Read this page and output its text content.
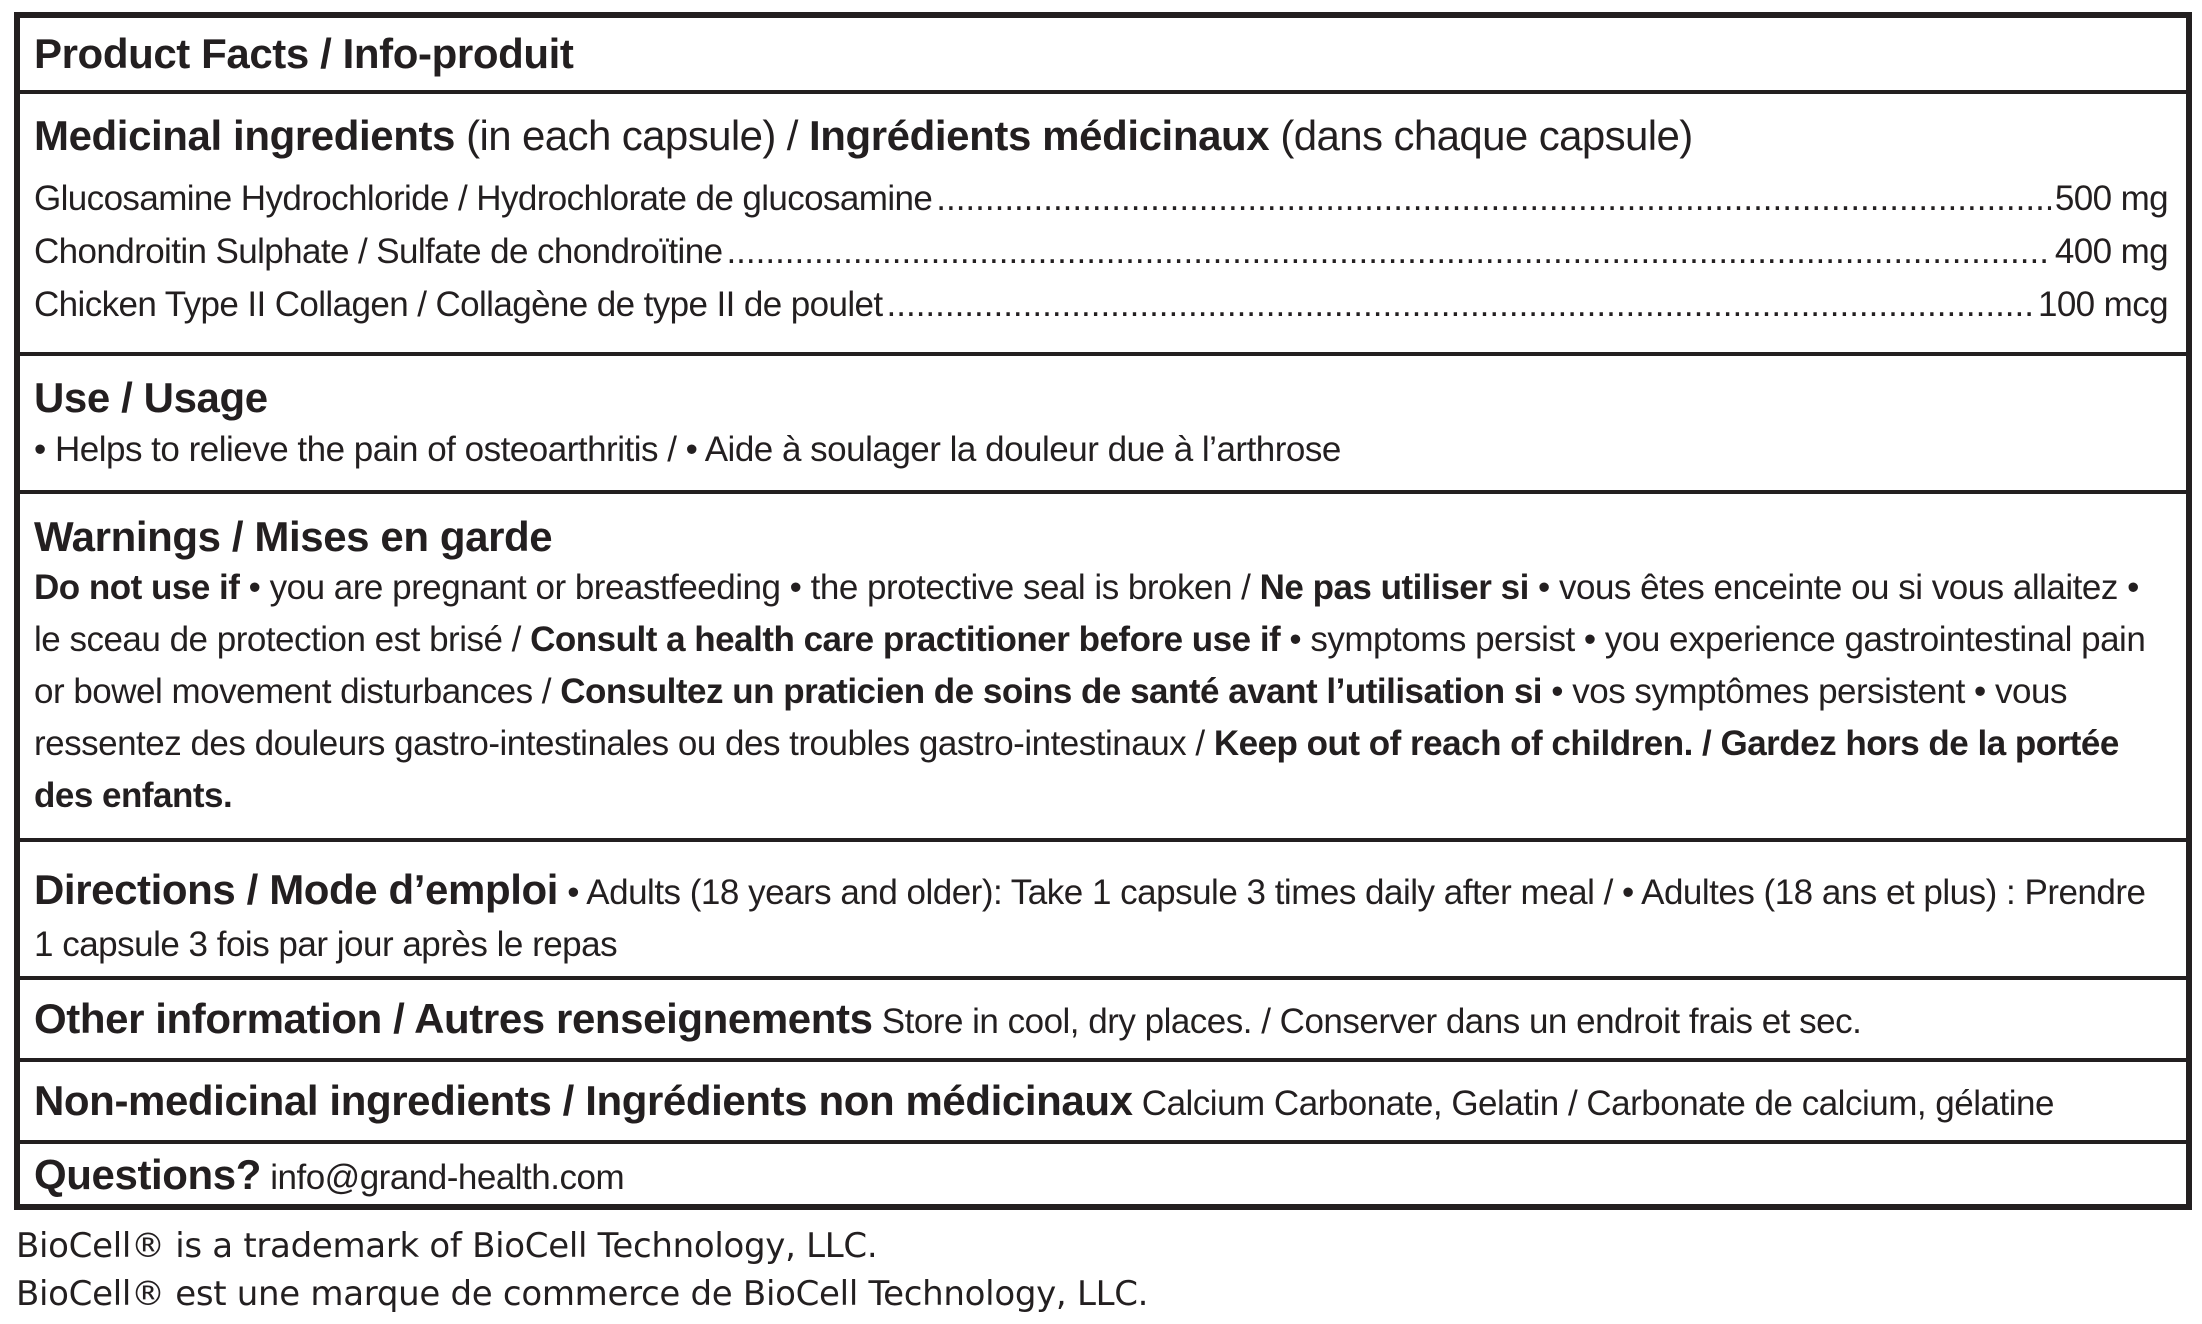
Product Facts / Info-produit
Medicinal ingredients (in each capsule) / Ingrédients médicinaux (dans chaque capsule)
Glucosamine Hydrochloride / Hydrochlorate de glucosamine .....	500 mg
Chondroitin Sulphate / Sulfate de chondroïtine .....	400 mg
Chicken Type II Collagen / Collagène de type II de poulet .....	100 mcg
Use / Usage
• Helps to relieve the pain of osteoarthritis / • Aide à soulager la douleur due à l’arthrose
Warnings / Mises en garde
Do not use if • you are pregnant or breastfeeding • the protective seal is broken / Ne pas utiliser si • vous êtes enceinte ou si vous allaitez • le sceau de protection est brisé / Consult a health care practitioner before use if • symptoms persist • you experience gastrointestinal pain or bowel movement disturbances / Consultez un praticien de soins de santé avant l’utilisation si • vos symptômes persistent • vous ressentez des douleurs gastro-intestinales ou des troubles gastro-intestinaux / Keep out of reach of children. / Gardez hors de la portée des enfants.
Directions / Mode d’emploi • Adults (18 years and older): Take 1 capsule 3 times daily after meal / • Adultes (18 ans et plus) : Prendre 1 capsule 3 fois par jour après le repas
Other information / Autres renseignements Store in cool, dry places. / Conserver dans un endroit frais et sec.
Non-medicinal ingredients / Ingrédients non médicinaux Calcium Carbonate, Gelatin / Carbonate de calcium, gélatine
Questions? info@grand-health.com
BioCell® is a trademark of BioCell Technology, LLC.
BioCell® est une marque de commerce de BioCell Technology, LLC.
